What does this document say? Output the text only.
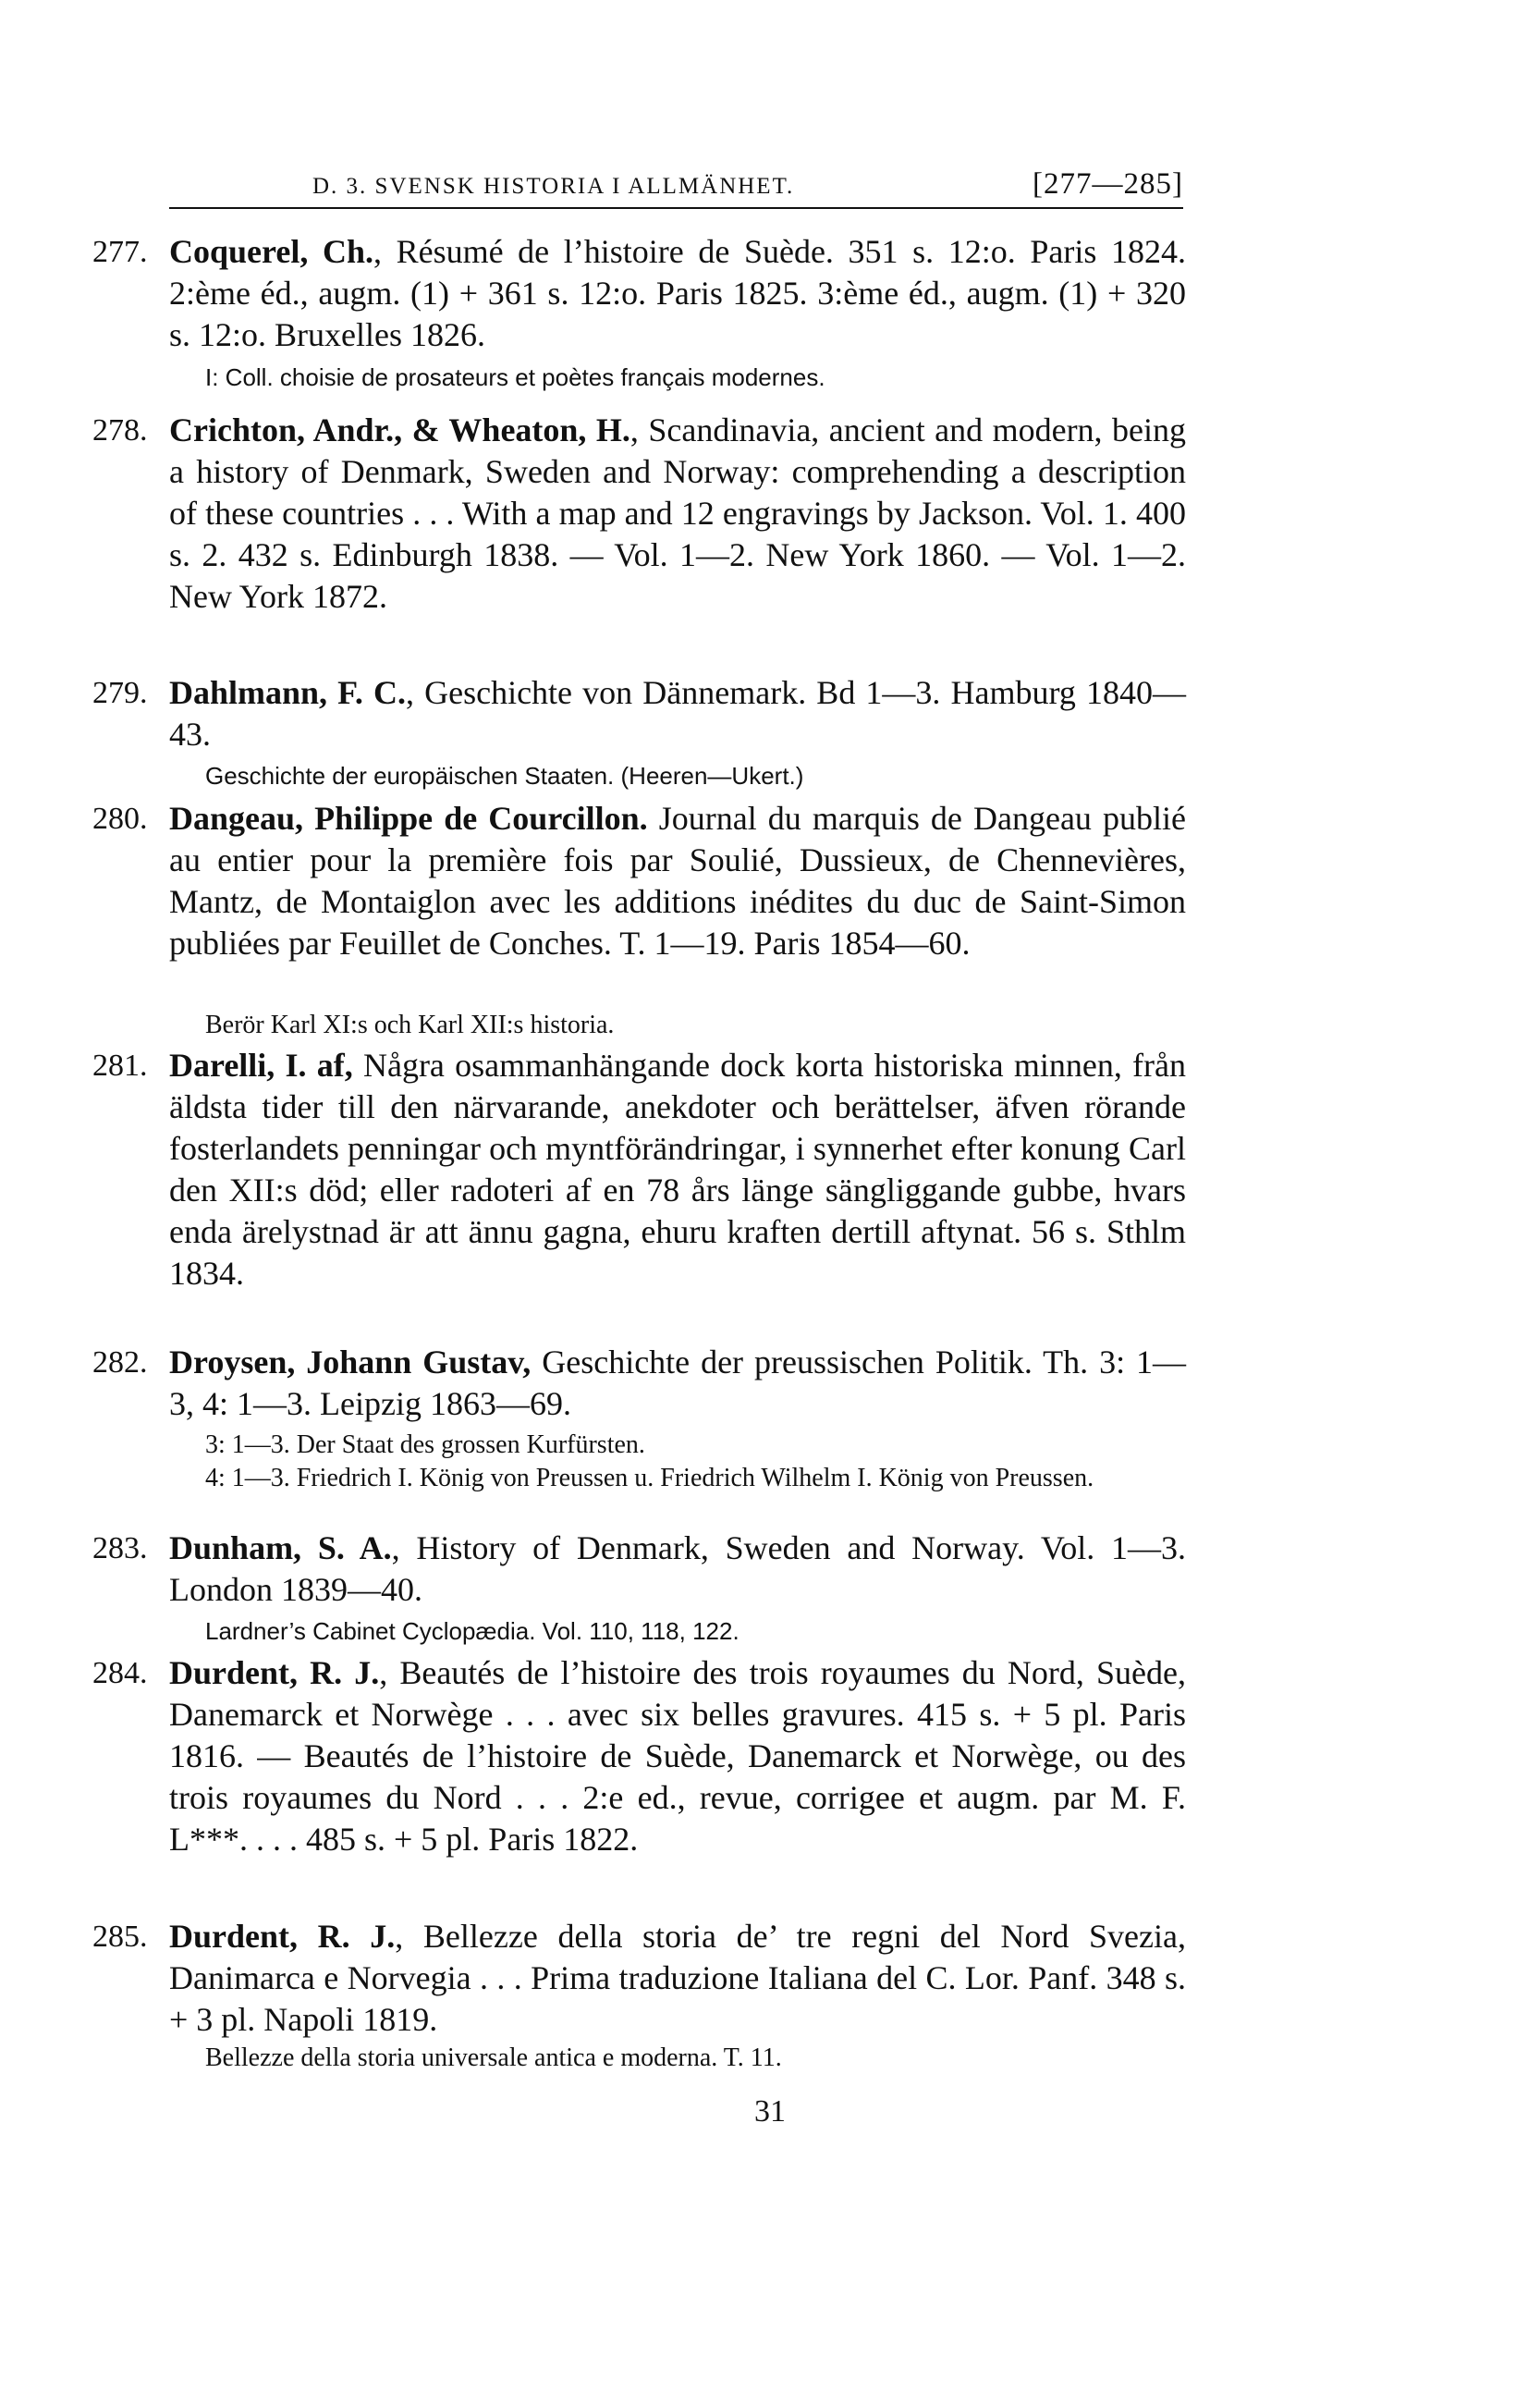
D. 3. SVENSK HISTORIA I ALLMÄNHET.	[277—285]
277. Coquerel, Ch., Résumé de l’histoire de Suède. 351 s. 12:o. Paris 1824. 2:ème éd., augm. (1) + 361 s. 12:o. Paris 1825. 3:ème éd., augm. (1) + 320 s. 12:o. Bruxelles 1826.

I: Coll. choisie de prosateurs et poètes français modernes.

278. Crichton, Andr., & Wheaton, H., Scandinavia, ancient and modern, being a history of Denmark, Sweden and Norway: comprehending a description of these countries . . . With a map and 12 engravings by Jackson. Vol. 1. 400 s. 2. 432 s. Edinburgh 1838. — Vol. 1—2. New York 1860. — Vol. 1—2. New York 1872.

279. Dahlmann, F. C., Geschichte von Dännemark. Bd 1—3. Hamburg 1840—43.

Geschichte der europäischen Staaten. (Heeren—Ukert.)

280. Dangeau, Philippe de Courcillon. Journal du marquis de Dangeau publié au entier pour la première fois par Soulié, Dussieux, de Chennevières, Mantz, de Montaiglon avec les additions inédites du duc de Saint-Simon publiées par Feuillet de Conches. T. 1—19. Paris 1854—60.

Berör Karl XI:s och Karl XII:s historia.

281. Darelli, I. af, Några osammanhängande dock korta historiska minnen, från äldsta tider till den närvarande, anekdoter och berättelser, äfven rörande fosterlandets penningar och myntförändringar, i synnerhet efter konung Carl den XII:s död; eller radoteri af en 78 års länge sängliggande gubbe, hvars enda ärelystnad är att ännu gagna, ehuru kraften dertill aftynat. 56 s. Sthlm 1834.

282. Droysen, Johann Gustav, Geschichte der preussischen Politik. Th. 3: 1—3, 4: 1—3. Leipzig 1863—69.

3: 1—3. Der Staat des grossen Kurfürsten.
4: 1—3. Friedrich I. König von Preussen u. Friedrich Wilhelm I. König von Preussen.

283. Dunham, S. A., History of Denmark, Sweden and Norway. Vol. 1—3. London 1839—40.

Lardner’s Cabinet Cyclopædia. Vol. 110, 118, 122.

284. Durdent, R. J., Beautés de l’histoire des trois royaumes du Nord, Suède, Danemarck et Norwège . . . avec six belles gravures. 415 s. + 5 pl. Paris 1816. — Beautés de l’histoire de Suède, Danemarck et Norwège, ou des trois royaumes du Nord . . . 2:e ed., revue, corrigee et augm. par M. F. L***. . . . 485 s. + 5 pl. Paris 1822.

285. Durdent, R. J., Bellezze della storia de’ tre regni del Nord Svezia, Danimarca e Norvegia . . . Prima traduzione Italiana del C. Lor. Panf. 348 s. + 3 pl. Napoli 1819.

Bellezze della storia universale antica e moderna. T. 11.

31
